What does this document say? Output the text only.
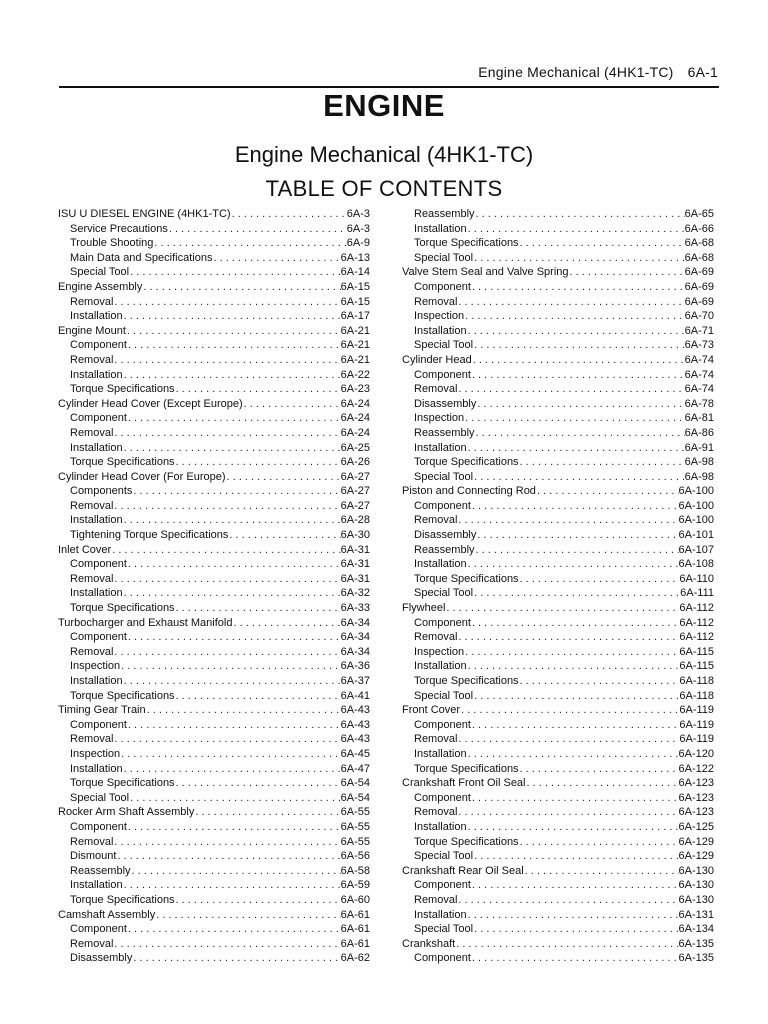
Engine Mechanical (4HK1-TC) 6A-1
ENGINE
Engine Mechanical (4HK1-TC)
TABLE OF CONTENTS
ISU U DIESEL ENGINE (4HK1-TC) . . .	6A-3
Service Precautions . . .	6A-3
Trouble Shooting . . .	6A-9
Main Data and Specifications . . .	6A-13
Special Tool . . .	6A-14
Engine Assembly . . .	6A-15
Removal . . .	6A-15
Installation . . .	6A-17
Engine Mount . . .	6A-21
Component . . .	6A-21
Removal . . .	6A-21
Installation . . .	6A-22
Torque Specifications . . .	6A-23
Cylinder Head Cover (Except Europe) . . .	6A-24
Component . . .	6A-24
Removal . . .	6A-24
Installation . . .	6A-25
Torque Specifications . . .	6A-26
Cylinder Head Cover (For Europe) . . .	6A-27
Components . . .	6A-27
Removal . . .	6A-27
Installation . . .	6A-28
Tightening Torque Specifications . . .	6A-30
Inlet Cover . . .	6A-31
Component . . .	6A-31
Removal . . .	6A-31
Installation . . .	6A-32
Torque Specifications . . .	6A-33
Turbocharger and Exhaust Manifold . . .	6A-34
Component . . .	6A-34
Removal . . .	6A-34
Inspection . . .	6A-36
Installation . . .	6A-37
Torque Specifications . . .	6A-41
Timing Gear Train . . .	6A-43
Component . . .	6A-43
Removal . . .	6A-43
Inspection . . .	6A-45
Installation . . .	6A-47
Torque Specifications . . .	6A-54
Special Tool . . .	6A-54
Rocker Arm Shaft Assembly . . .	6A-55
Component . . .	6A-55
Removal . . .	6A-55
Dismount . . .	6A-56
Reassembly . . .	6A-58
Installation . . .	6A-59
Torque Specifications . . .	6A-60
Camshaft Assembly . . .	6A-61
Component . . .	6A-61
Removal . . .	6A-61
Disassembly . . .	6A-62
Reassembly . . .	6A-65
Installation . . .	6A-66
Torque Specifications . . .	6A-68
Special Tool . . .	6A-68
Valve Stem Seal and Valve Spring . . .	6A-69
Component . . .	6A-69
Removal . . .	6A-69
Inspection . . .	6A-70
Installation . . .	6A-71
Special Tool . . .	6A-73
Cylinder Head . . .	6A-74
Component . . .	6A-74
Removal . . .	6A-74
Disassembly . . .	6A-78
Inspection . . .	6A-81
Reassembly . . .	6A-86
Installation . . .	6A-91
Torque Specifications . . .	6A-98
Special Tool . . .	6A-98
Piston and Connecting Rod . . .	6A-100
Component . . .	6A-100
Removal . . .	6A-100
Disassembly . . .	6A-101
Reassembly . . .	6A-107
Installation . . .	6A-108
Torque Specifications . . .	6A-110
Special Tool . . .	6A-111
Flywheel . . .	6A-112
Component . . .	6A-112
Removal . . .	6A-112
Inspection . . .	6A-115
Installation . . .	6A-115
Torque Specifications . . .	6A-118
Special Tool . . .	6A-118
Front Cover . . .	6A-119
Component . . .	6A-119
Removal . . .	6A-119
Installation . . .	6A-120
Torque Specifications . . .	6A-122
Crankshaft Front Oil Seal . . .	6A-123
Component . . .	6A-123
Removal . . .	6A-123
Installation . . .	6A-125
Torque Specifications . . .	6A-129
Special Tool . . .	6A-129
Crankshaft Rear Oil Seal . . .	6A-130
Component . . .	6A-130
Removal . . .	6A-130
Installation . . .	6A-131
Special Tool . . .	6A-134
Crankshaft . . .	6A-135
Component . . .	6A-135
